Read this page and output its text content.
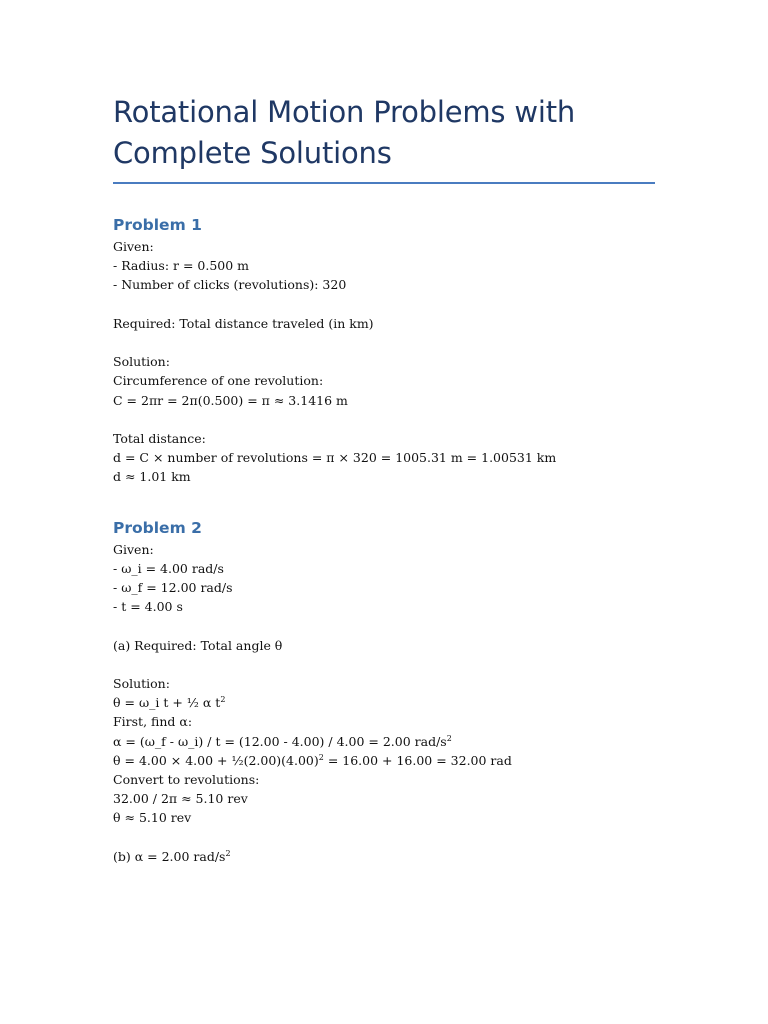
Rotational Motion Problems with
Complete Solutions
Problem 1
Given:
- Radius: r = 0.500 m
- Number of clicks (revolutions): 320
Required: Total distance traveled (in km)
Solution:
Circumference of one revolution:
C = 2πr = 2π(0.500) = π ≈ 3.1416 m
Total distance:
d = C × number of revolutions = π × 320 = 1005.31 m = 1.00531 km
d ≈ 1.01 km
Problem 2
Given:
- ω_i = 4.00 rad/s
- ω_f = 12.00 rad/s
- t = 4.00 s
(a) Required: Total angle θ
Solution:
θ = ω_i t + ½ α $t^2$
First, find α:
α = (ω_f - ω_i) / t = (12.00 - 4.00) / 4.00 = 2.00 rad/$s^2$
$\theta = 4.00 \times 4.00 + \frac{1}{2}(2.00)(4.00)^2 = 16.00 + 16.00 = 32.00$ rad
Convert to revolutions:
32.00 / 2π ≈ 5.10 rev
θ ≈ 5.10 rev
(b) α = 2.00 rad/$s^2$
